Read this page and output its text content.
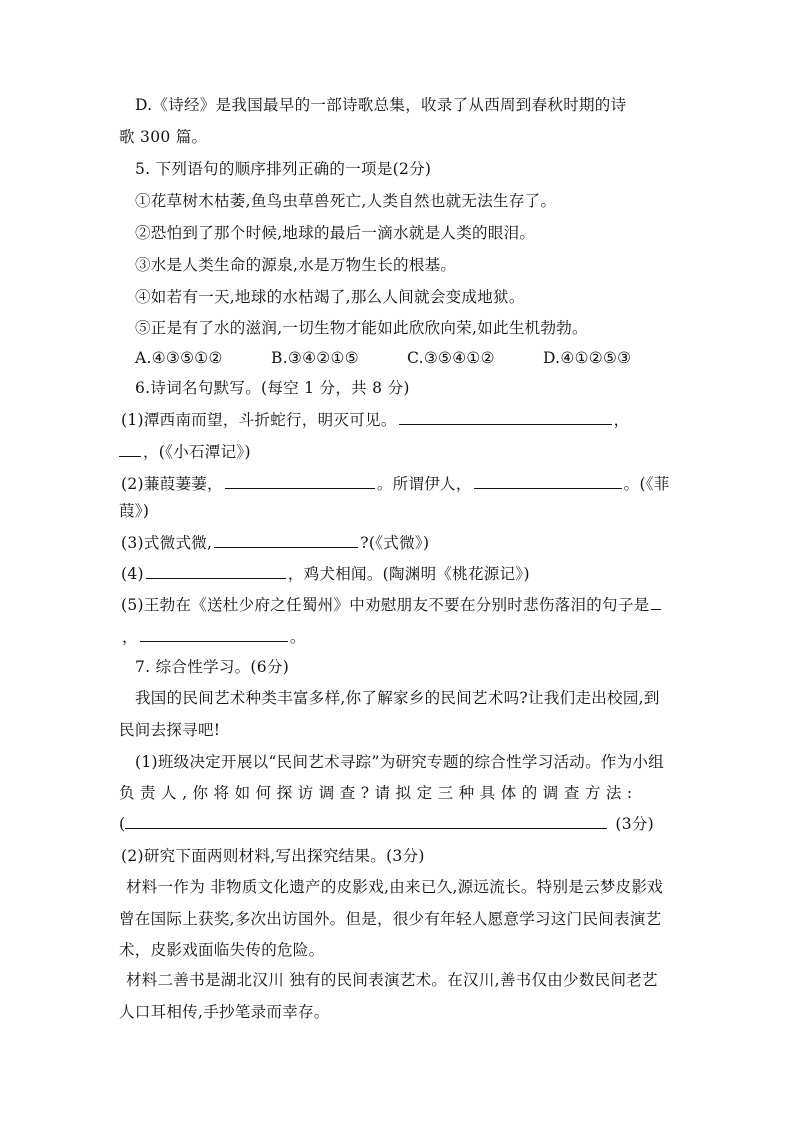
D.《诗经》是我国最早的一部诗歌总集，收录了从西周到春秋时期的诗
歌 300 篇。
5. 下列语句的顺序排列正确的一项是(2分)
①花草树木枯萎,鱼鸟虫草兽死亡,人类自然也就无法生存了。
②恐怕到了那个时候,地球的最后一滴水就是人类的眼泪。
③水是人类生命的源泉,水是万物生长的根基。
④如若有一天,地球的水枯竭了,那么人间就会变成地狱。
⑤正是有了水的滋润,一切生物才能如此欣欣向荣,如此生机勃勃。
A.④③⑤①②	B.③④②①⑤	C.③⑤④①②	D.④①②⑤③
6.诗词名句默写。(每空 1 分，共 8 分)
(1)潭西南而望，斗折蛇行，明灭可见。	，
，(《小石潭记》)
(2)蒹葭萋萋，	。所谓伊人，	。(《菲
葭》)
(3)式微式微,	?(《式微》)
(4)	，鸡犬相闻。(陶渊明《桃花源记》)
(5)王勃在《送杜少府之任蜀州》中劝慰朋友不要在分别时悲伤落泪的句子是
，	。
7. 综合性学习。(6分)
我国的民间艺术种类丰富多样,你了解家乡的民间艺术吗?让我们走出校园,到
民间去探寻吧!
(1)班级决定开展以“民间艺术寻踪”为研究专题的综合性学习活动。作为小组
负 责 人 , 你 将 如 何 探 访 调 查 ? 请 拟 定 三 种 具 体 的 调 查 方 法 :
(	(3分)
(2)研究下面两则材料,写出探究结果。(3分)
材料一作为 非物质文化遗产的皮影戏,由来已久,源远流长。特别是云梦皮影戏
曾在国际上获奖,多次出访国外。但是，很少有年轻人愿意学习这门民间表演艺
术，皮影戏面临失传的危险。
材料二善书是湖北汉川 独有的民间表演艺术。在汉川,善书仅由少数民间老艺
人口耳相传,手抄笔录而幸存。
